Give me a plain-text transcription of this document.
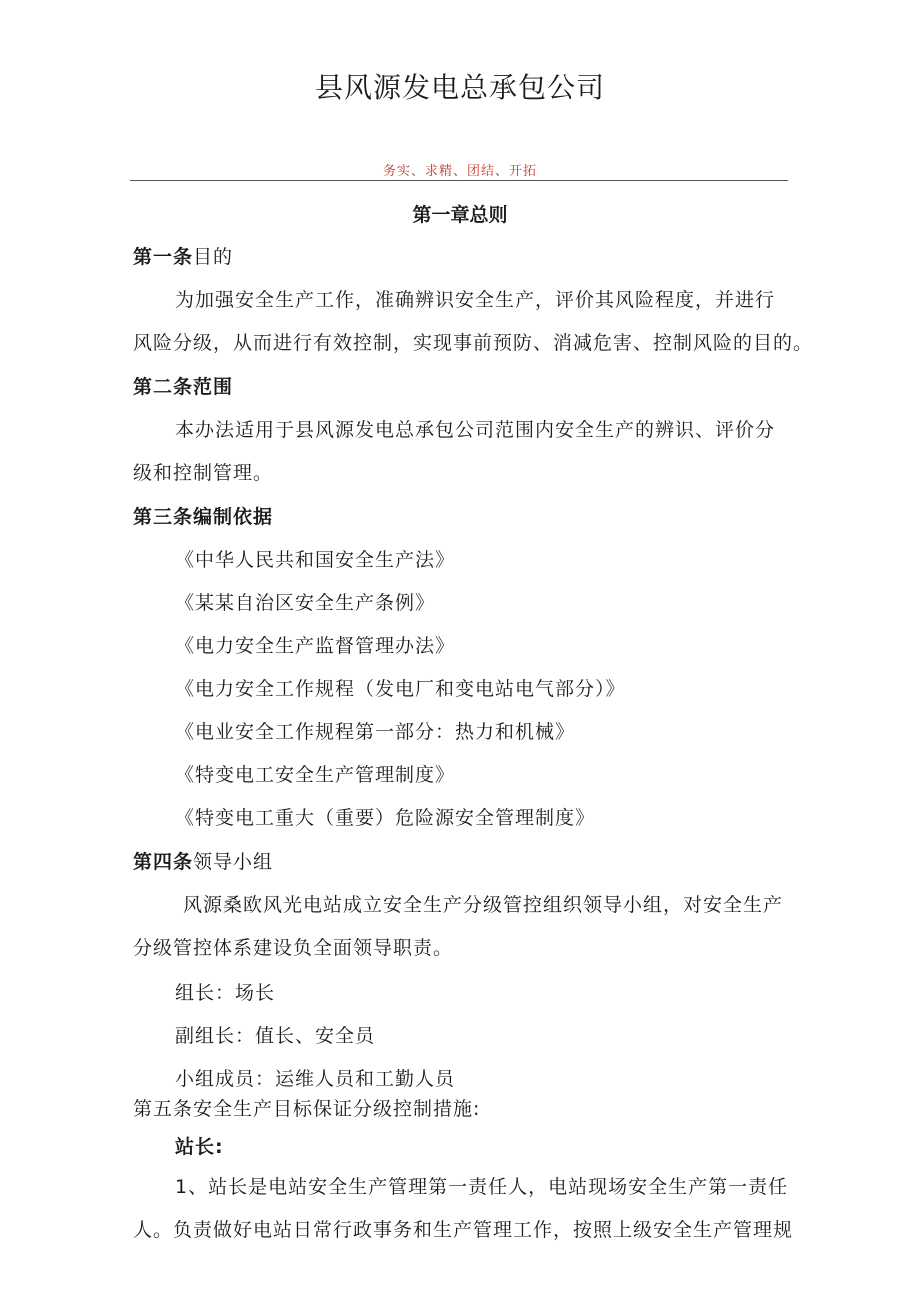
县风源发电总承包公司
务实、求精、团结、开拓
第一章总则
第一条目的
为加强安全生产工作，准确辨识安全生产，评价其风险程度，并进行
风险分级，从而进行有效控制，实现事前预防、消减危害、控制风险的目的。
第二条范围
本办法适用于县风源发电总承包公司范围内安全生产的辨识、评价分
级和控制管理。
第三条编制依据
《中华人民共和国安全生产法》
《某某自治区安全生产条例》
《电力安全生产监督管理办法》
《电力安全工作规程（发电厂和变电站电气部分）》
《电业安全工作规程第一部分：热力和机械》
《特变电工安全生产管理制度》
《特变电工重大（重要）危险源安全管理制度》
第四条领导小组
风源桑欧风光电站成立安全生产分级管控组织领导小组，对安全生产
分级管控体系建设负全面领导职责。
组长：场长
副组长：值长、安全员
小组成员：运维人员和工勤人员
第五条安全生产目标保证分级控制措施:
站长:
1、站长是电站安全生产管理第一责任人，电站现场安全生产第一责任
人。负责做好电站日常行政事务和生产管理工作，按照上级安全生产管理规
